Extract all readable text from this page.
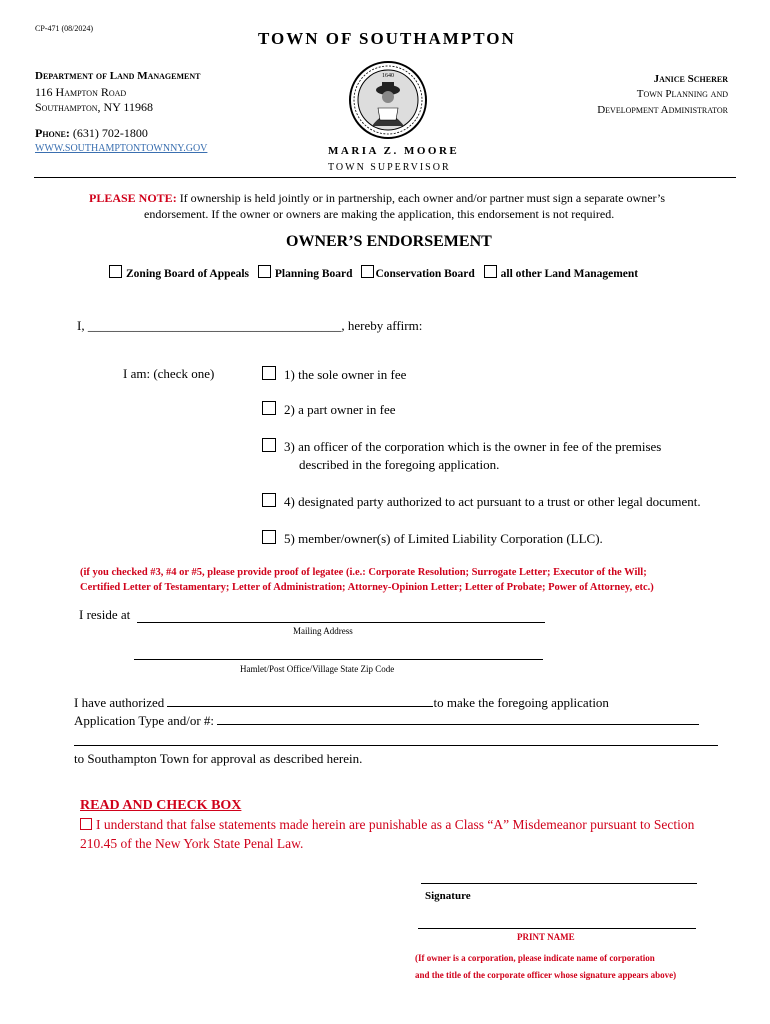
CP-471 (08/2024)
TOWN OF SOUTHAMPTON
Department of Land Management
116 Hampton Road
Southampton, NY 11968
Phone: (631) 702-1800
WWW.SOUTHAMPTONTOWNNY.GOV
1640	Janice Scherer
Town Planning and
Development Administrator
MARIA Z. MOORE
TOWN SUPERVISOR
PLEASE NOTE: If ownership is held jointly or in partnership, each owner and/or partner must sign a separate owner’s
endorsement. If the owner or owners are making the application, this endorsement is not required.
OWNER’S ENDORSEMENT
Zoning Board of Appeals Planning Board Conservation Board all other Land Management
I, _______________________________________, hereby affirm:
I am: (check one)	1) the sole owner in fee
2) a part owner in fee
3) an officer of the corporation which is the owner in fee of the premises
described in the foregoing application.
4) designated party authorized to act pursuant to a trust or other legal document.
5) member/owner(s) of Limited Liability Corporation (LLC).
(if you checked #3, #4 or #5, please provide proof of legatee (i.e.: Corporate Resolution; Surrogate Letter; Executor of the Will;
Certified Letter of Testamentary; Letter of Administration; Attorney-Opinion Letter; Letter of Probate; Power of Attorney, etc.)
I reside at
Mailing Address
Hamlet/Post Office/Village State Zip Code
I have authorized	to make the foregoing application
Application Type and/or #:
to Southampton Town for approval as described herein.
READ AND CHECK BOX
I understand that false statements made herein are punishable as a Class “A” Misdemeanor pursuant to Section
210.45 of the New York State Penal Law.
Signature
PRINT NAME
(If owner is a corporation, please indicate name of corporation
and the title of the corporate officer whose signature appears above)
